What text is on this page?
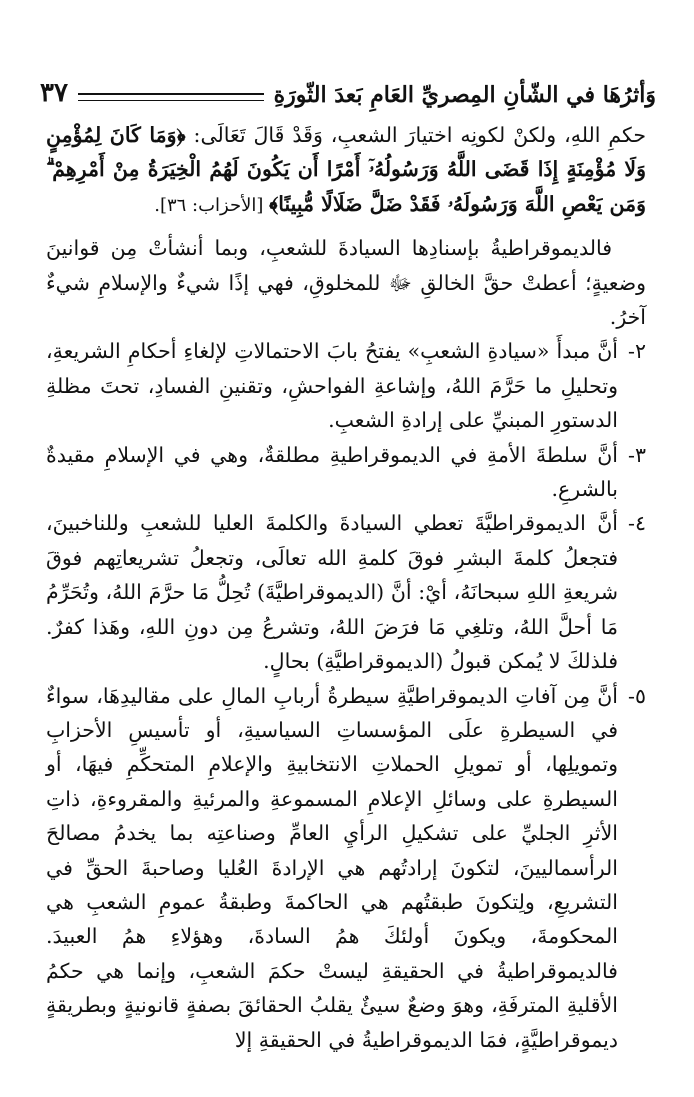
وَأثرُهَا في الشّأنِ المِصريِّ العَامِ بَعدَ الثّورَةِ
٣٧

حكمِ اللهِ، ولكنْ لكونِه اختيارَ الشعبِ، وَقَدْ قَالَ تَعَالَى: ﴿وَمَا كَانَ لِمُؤْمِنٍ وَلَا مُؤْمِنَةٍ إِذَا قَضَى اللَّهُ وَرَسُولُهُۥٓ أَمْرًا أَن يَكُونَ لَهُمُ الْخِيَرَةُ مِنْ أَمْرِهِمْ ۗ وَمَن يَعْصِ اللَّهَ وَرَسُولَهُۥ فَقَدْ ضَلَّ ضَلَالًا مُّبِينًا﴾ [الأحزاب: ٣٦].

فالديموقراطيةُ بإسنادِها السيادةَ للشعبِ، وبما أنشأتْ مِن قوانينَ وضعيةٍ؛ أعطتْ حقَّ الخالقِ ﷻ للمخلوقِ، فهي إذًا شيءٌ والإسلامِ شيءٌ آخرُ.

٢-
أنَّ مبدأَ «سيادةِ الشعبِ» يفتحُ بابَ الاحتمالاتِ لإلغاءِ أحكامِ الشريعةِ، وتحليلِ ما حَرَّمَ اللهُ، وإشاعةِ الفواحشِ، وتقنينِ الفسادِ، تحتَ مظلةِ الدستورِ المبنيِّ على إرادةِ الشعبِ.
٣-
أنَّ سلطةَ الأمةِ في الديموقراطيةِ مطلقةٌ، وهي في الإسلامِ مقيدةٌ بالشرعِ.
٤-
أنَّ الديموقراطيَّةَ تعطي السيادةَ والكلمةَ العليا للشعبِ وللناخبينَ، فتجعلُ كلمةَ البشرِ فوقَ كلمةِ الله تعالَى، وتجعلُ تشريعاتِهم فوقَ شريعةِ اللهِ سبحانَهُ، أيْ: أنَّ (الديموقراطيَّةَ) تُحِلُّ مَا حرَّمَ اللهُ، وتُحَرِّمُ مَا أحلَّ اللهُ، وتلغِي مَا فرَضَ اللهُ، وتشرعُ مِن دونِ اللهِ، وهَذا كفرٌ. فلذلكَ لا يُمكن قبولُ (الديموقراطيَّةِ) بحالٍ.
٥-
أنَّ مِن آفاتِ الديموقراطيَّةِ سيطرةُ أربابِ المالِ على مقاليدِهَا، سواءٌ في السيطرةِ علَى المؤسساتِ السياسيةِ، أو تأسيسِ الأحزابِ وتمويلِها، أو تمويلِ الحملاتِ الانتخابيةِ والإعلامِ المتحكِّمِ فيهَا، أو السيطرةِ على وسائلِ الإعلامِ المسموعةِ والمرئيةِ والمقروءةِ، ذاتِ الأثرِ الجليِّ على تشكيلِ الرأيِ العامِّ وصناعتِه بما يخدمُ مصالحَ الرأسماليينَ، لتكونَ إرادتُهم هي الإرادةَ العُليا وصاحبةَ الحقِّ في التشريعِ، ولِتكونَ طبقتُهم هي الحاكمةَ وطبقةُ عمومِ الشعبِ هي المحكومةَ، ويكونَ أولئكَ همُ السادةَ، وهؤلاءِ همُ العبيدَ. فالديموقراطيةُ في الحقيقةِ ليستْ حكمَ الشعبِ، وإنما هي حكمُ الأقليةِ المترفَةِ، وهوَ وضعٌ سيئٌ يقلبُ الحقائقَ بصفةٍ قانونيةٍ وبطريقةٍ ديموقراطيَّةٍ، فمَا الديموقراطيةُ في الحقيقةِ إلا
